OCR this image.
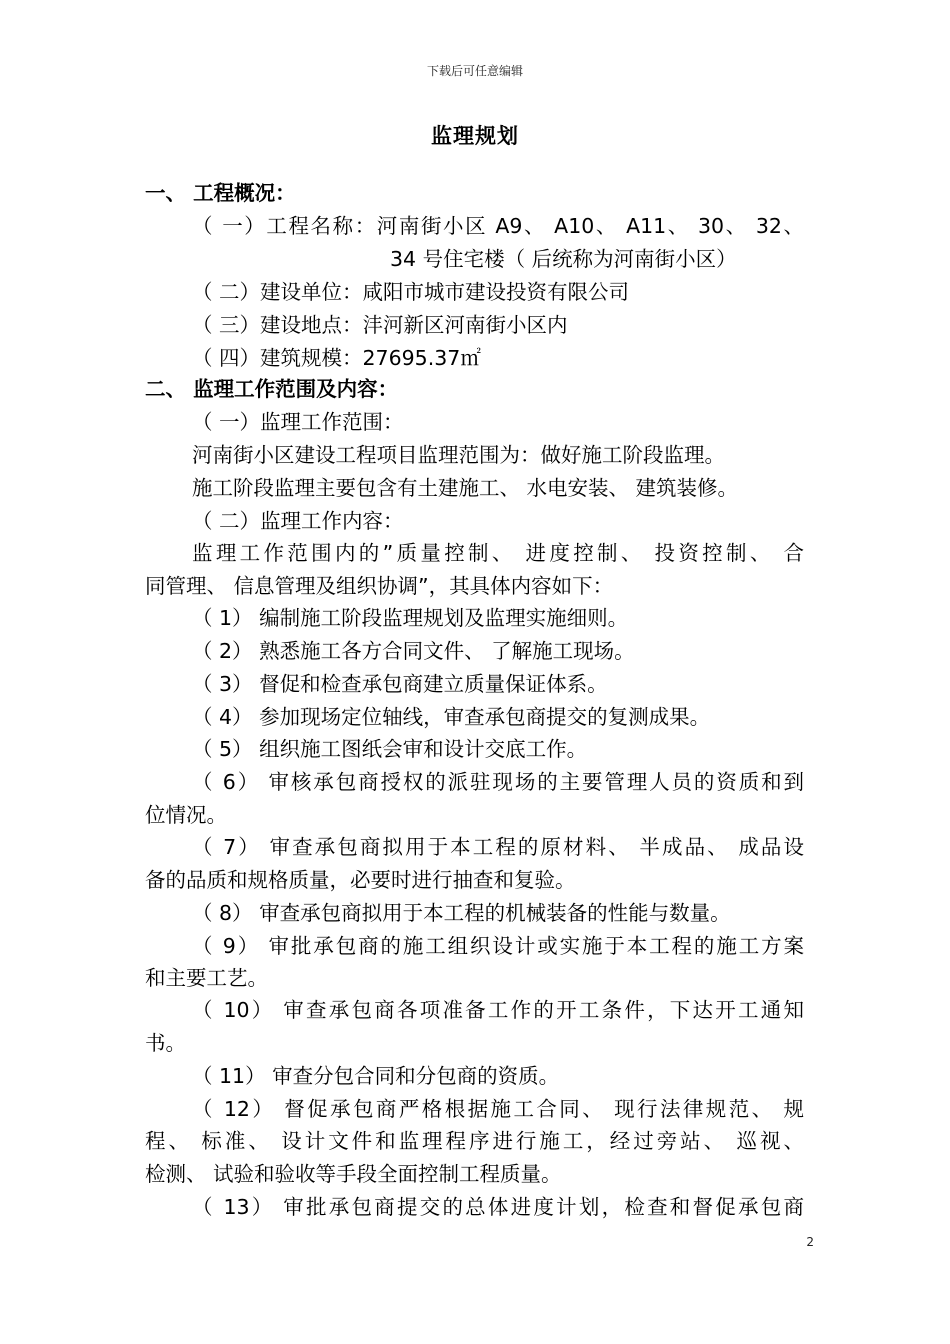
下载后可任意编辑
监理规划
一、 工程概况：
（ 一）工程名称：河南街小区 A9、 A10、 A11、 30、 32、
34 号住宅楼（ 后统称为河南街小区）
（ 二）建设单位：咸阳市城市建设投资有限公司
（ 三）建设地点：沣河新区河南街小区内
（ 四）建筑规模：27695.37㎡
二、 监理工作范围及内容：
（ 一）监理工作范围：
河南街小区建设工程项目监理范围为：做好施工阶段监理。
施工阶段监理主要包含有土建施工、 水电安装、 建筑装修。
（ 二）监理工作内容：
监理工作范围内的”质量控制、 进度控制、 投资控制、 合
同管理、 信息管理及组织协调”，其具体内容如下：
（ 1） 编制施工阶段监理规划及监理实施细则。
（ 2） 熟悉施工各方合同文件、 了解施工现场。
（ 3） 督促和检查承包商建立质量保证体系。
（ 4） 参加现场定位轴线，审查承包商提交的复测成果。
（ 5） 组织施工图纸会审和设计交底工作。
（ 6） 审核承包商授权的派驻现场的主要管理人员的资质和到
位情况。
（ 7） 审查承包商拟用于本工程的原材料、 半成品、 成品设
备的品质和规格质量，必要时进行抽查和复验。
（ 8） 审查承包商拟用于本工程的机械装备的性能与数量。
（ 9） 审批承包商的施工组织设计或实施于本工程的施工方案
和主要工艺。
（ 10） 审查承包商各项准备工作的开工条件，下达开工通知
书。
（ 11） 审查分包合同和分包商的资质。
（ 12） 督促承包商严格根据施工合同、 现行法律规范、 规
程、 标准、 设计文件和监理程序进行施工，经过旁站、 巡视、
检测、 试验和验收等手段全面控制工程质量。
（ 13） 审批承包商提交的总体进度计划，检查和督促承包商
2
